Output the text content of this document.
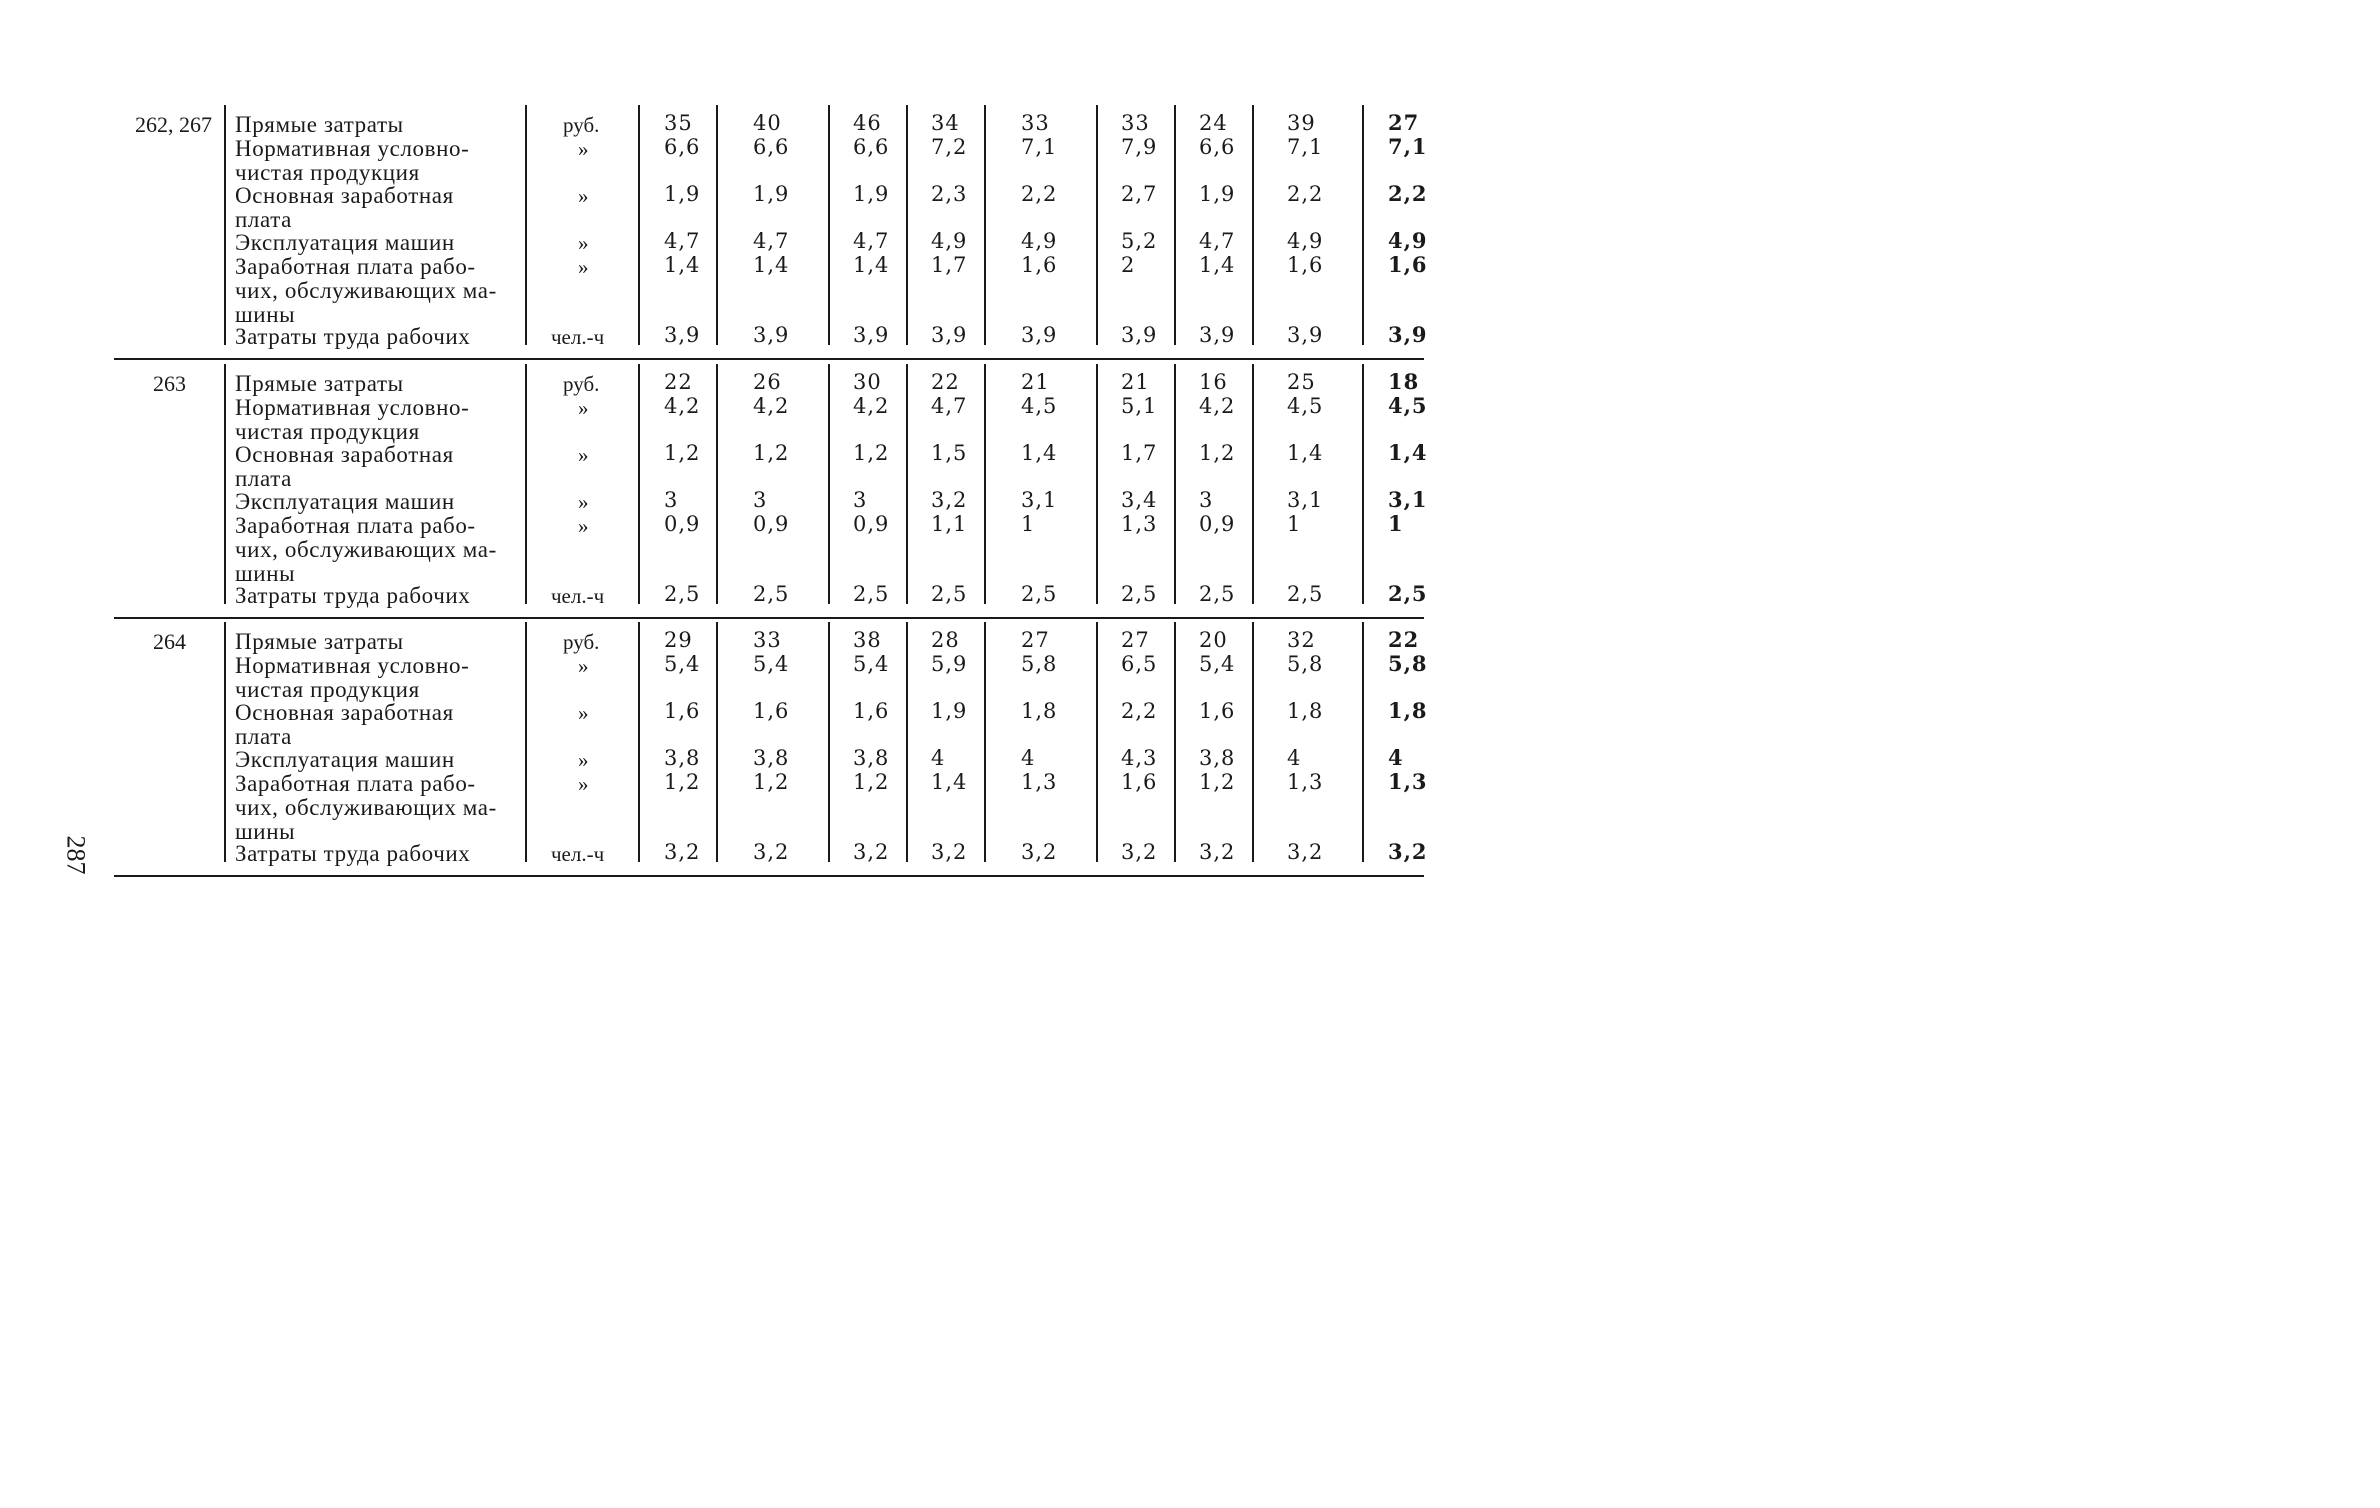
287
262, 267 Прямые затраты
Нормативная условно-
чистая продукция
Основная заработная
плата
Эксплуатация машин
Заработная плата рабо-
чих, обслуживающих ма-
шины
Затраты труда рабочих
руб.
»
»
»
»
чел.-ч
35
6,6
1,9
4,7
1,4
3,9
40
6,6
1,9
4,7
1,4
3,9
46
6,6
1,9
4,7
1,4
3,9
34
7,2
2,3
4,9
1,7
3,9
33
7,1
2,2
4,9
1,6
3,9
33
7,9
2,7
5,2
2
3,9
24
6,6
1,9
4,7
1,4
3,9
39
7,1
2,2
4,9
1,6
3,9
27
7,1
2,2
4,9
1,6
3,9
263 Прямые затраты
Нормативная условно-
чистая продукция
Основная заработная
плата
Эксплуатация машин
Заработная плата рабо-
чих, обслуживающих ма-
шины
Затраты труда рабочих
руб.
»
»
»
»
чел.-ч
22
4,2
1,2
3
0,9
2,5
26
4,2
1,2
3
0,9
2,5
30
4,2
1,2
3
0,9
2,5
22
4,7
1,5
3,2
1,1
2,5
21
4,5
1,4
3,1
1
2,5
21
5,1
1,7
3,4
1,3
2,5
16
4,2
1,2
3
0,9
2,5
25
4,5
1,4
3,1
1
2,5
18
4,5
1,4
3,1
1
2,5
264 Прямые затраты
Нормативная условно-
чистая продукция
Основная заработная
плата
Эксплуатация машин
Заработная плата рабо-
чих, обслуживающих ма-
шины
Затраты труда рабочих
руб.
»
»
»
»
чел.-ч
29
5,4
1,6
3,8
1,2
3,2
33
5,4
1,6
3,8
1,2
3,2
38
5,4
1,6
3,8
1,2
3,2
28
5,9
1,9
4
1,4
3,2
27
5,8
1,8
4
1,3
3,2
27
6,5
2,2
4,3
1,6
3,2
20
5,4
1,6
3,8
1,2
3,2
32
5,8
1,8
4
1,3
3,2
22
5,8
1,8
4
1,3
3,2
